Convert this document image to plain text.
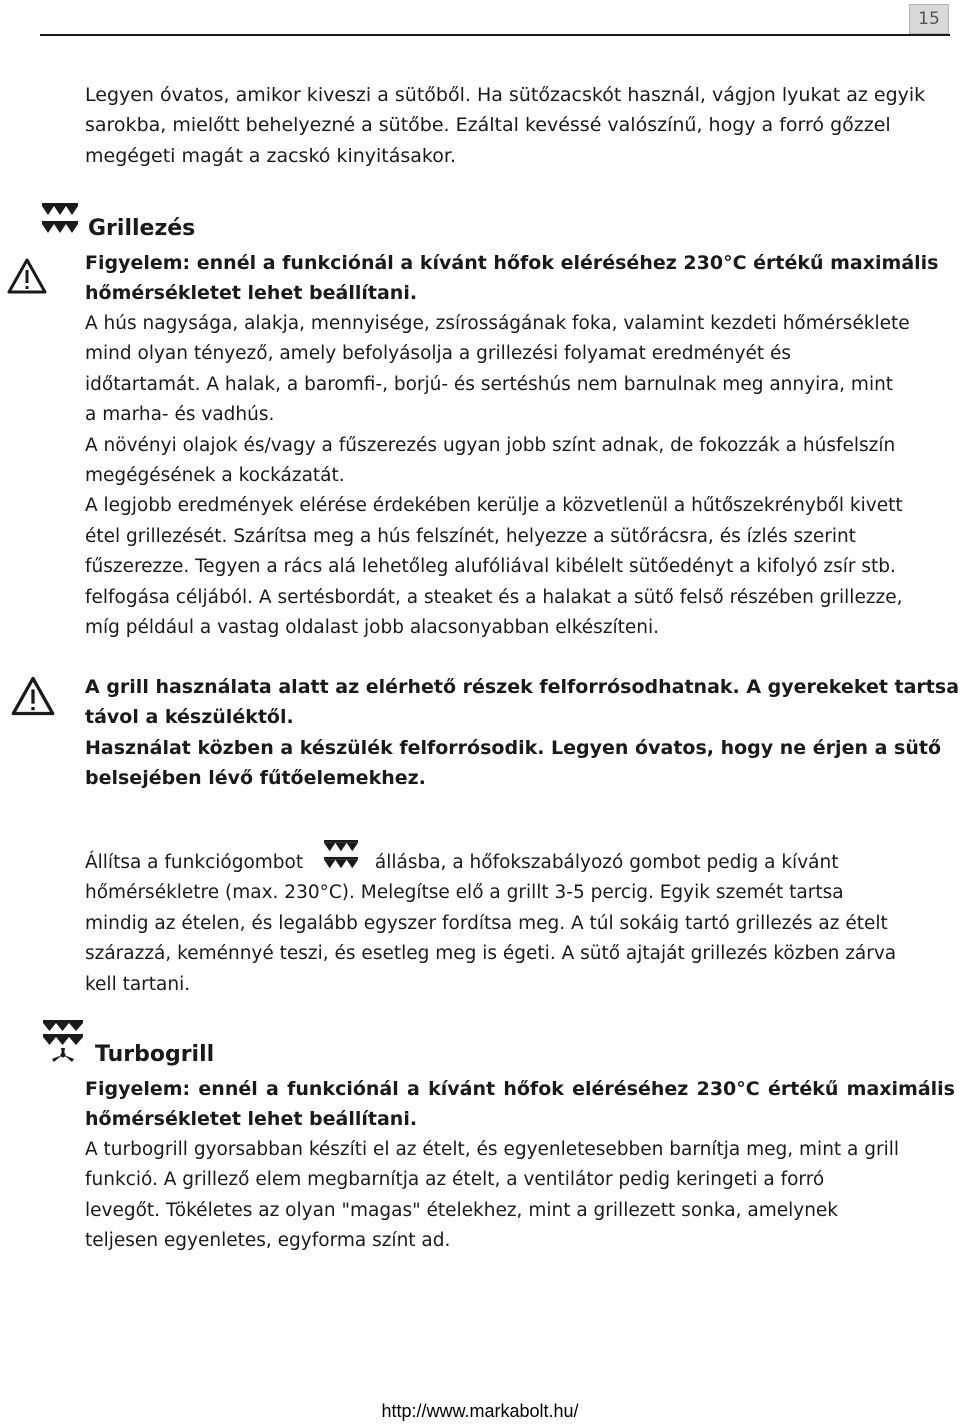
15
Legyen óvatos, amikor kiveszi a sütőből. Ha sütőzacskót használ, vágjon lyukat az egyik
sarokba, mielőtt behelyezné a sütőbe. Ezáltal kevéssé valószínű, hogy a forró gőzzel
megégeti magát a zacskó kinyitásakor.
Grillezés
Figyelem: ennél a funkciónál a kívánt hőfok eléréséhez 230°C értékű maximális
hőmérsékletet lehet beállítani.
A hús nagysága, alakja, mennyisége, zsírosságának foka, valamint kezdeti hőmérséklete
mind olyan tényező, amely befolyásolja a grillezési folyamat eredményét és
időtartamát. A halak, a baromfi-, borjú- és sertéshús nem barnulnak meg annyira, mint
a marha- és vadhús.
A növényi olajok és/vagy a fűszerezés ugyan jobb színt adnak, de fokozzák a húsfelszín
megégésének a kockázatát.
A legjobb eredmények elérése érdekében kerülje a közvetlenül a hűtőszekrényből kivett
étel grillezését. Szárítsa meg a hús felszínét, helyezze a sütőrácsra, és ízlés szerint
fűszerezze. Tegyen a rács alá lehetőleg alufóliával kibélelt sütőedényt a kifolyó zsír stb.
felfogása céljából. A sertésbordát, a steaket és a halakat a sütő felső részében grillezze,
míg például a vastag oldalast jobb alacsonyabban elkészíteni.
A grill használata alatt az elérhető részek felforrósodhatnak. A gyerekeket tartsa
távol a készüléktől.
Használat közben a készülék felforrósodik. Legyen óvatos, hogy ne érjen a sütő
belsejében lévő fűtőelemekhez.
Állítsa a funkciógombot	állásba, a hőfokszabályozó gombot pedig a kívánt
hőmérsékletre (max. 230°C). Melegítse elő a grillt 3-5 percig. Egyik szemét tartsa
mindig az ételen, és legalább egyszer fordítsa meg. A túl sokáig tartó grillezés az ételt
szárazzá, keménnyé teszi, és esetleg meg is égeti. A sütő ajtaját grillezés közben zárva
kell tartani.
Turbogrill
Figyelem: ennél a funkciónál a kívánt hőfok eléréséhez 230°C értékű maximális
hőmérsékletet lehet beállítani.
A turbogrill gyorsabban készíti el az ételt, és egyenletesebben barnítja meg, mint a grill
funkció. A grillező elem megbarnítja az ételt, a ventilátor pedig keringeti a forró
levegőt. Tökéletes az olyan "magas" ételekhez, mint a grillezett sonka, amelynek
teljesen egyenletes, egyforma színt ad.
http://www.markabolt.hu/
